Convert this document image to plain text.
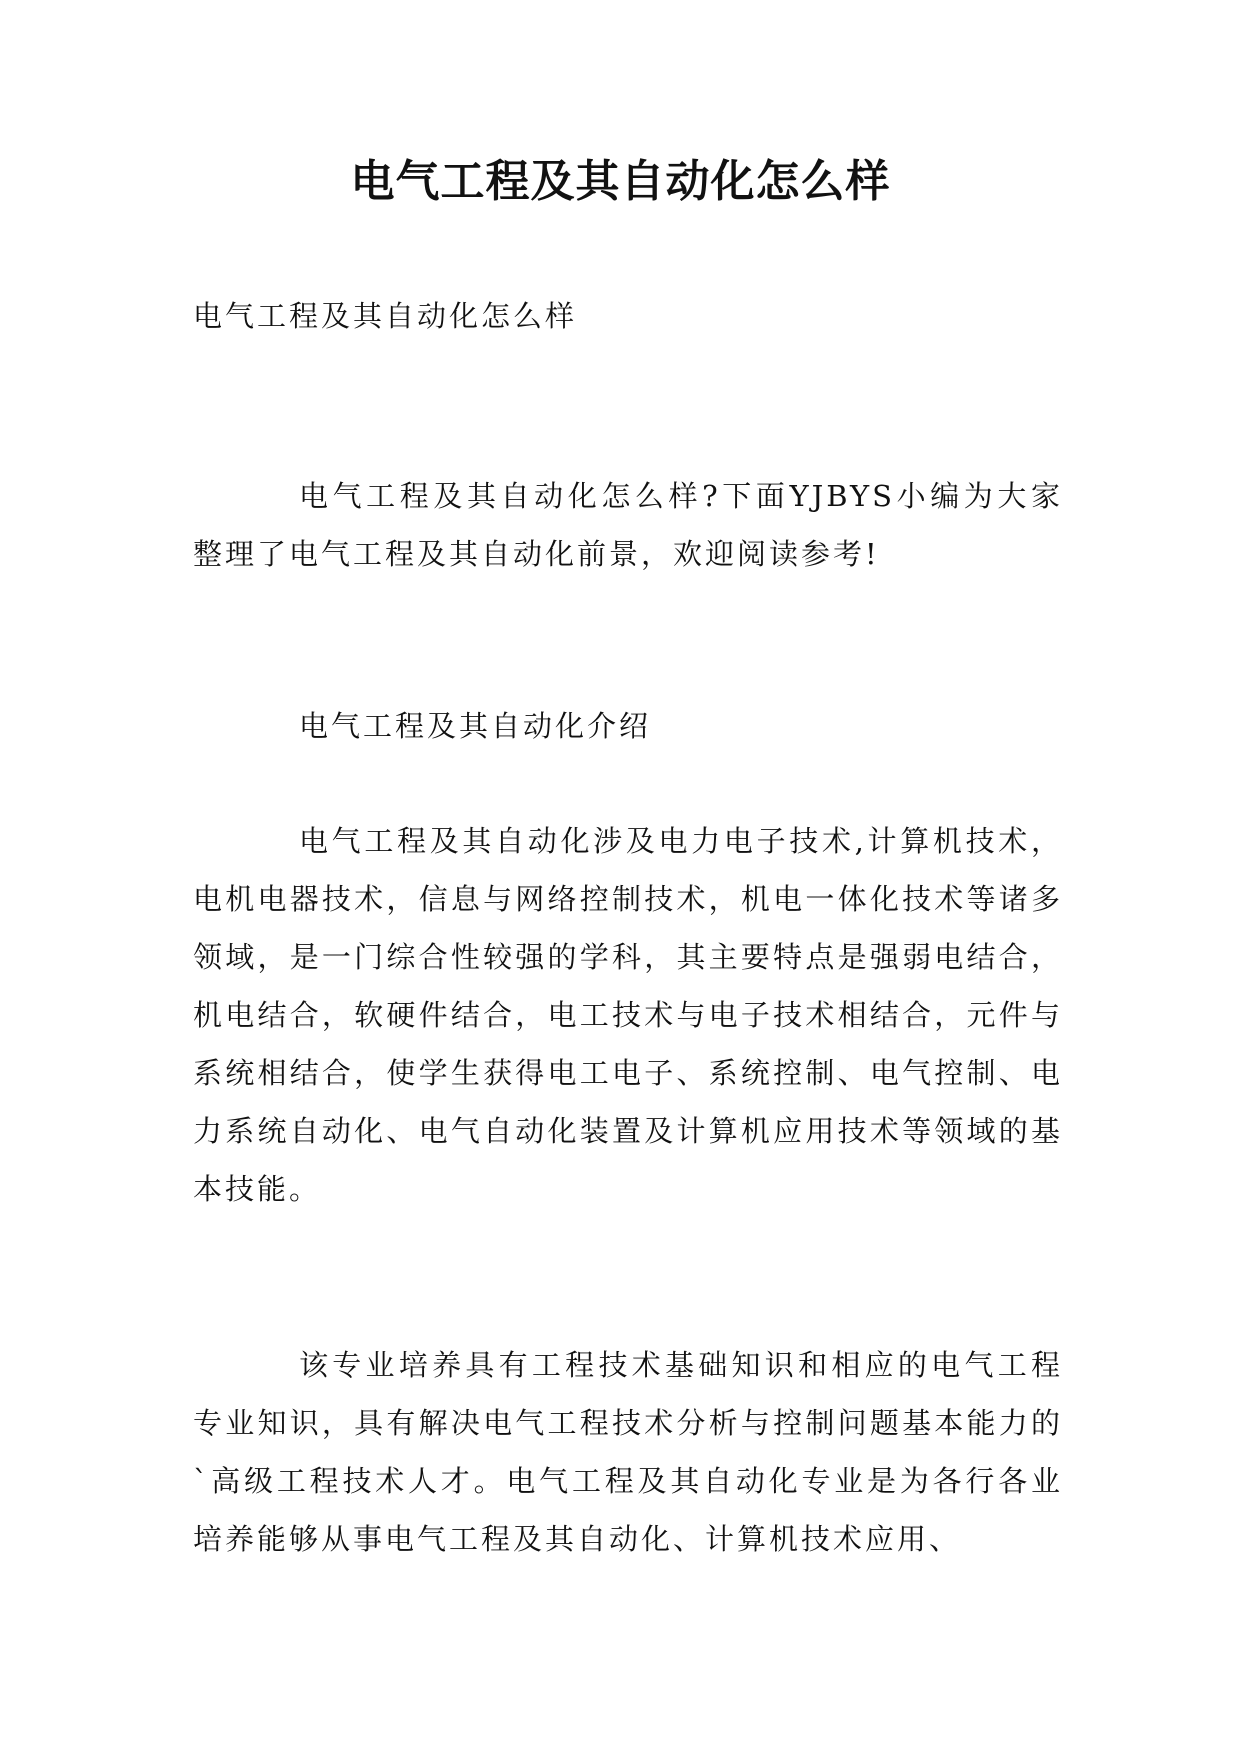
电气工程及其自动化怎么样

电气工程及其自动化怎么样

电气工程及其自动化怎么样?下面YJBYS小编为大家整理了电气工程及其自动化前景，欢迎阅读参考!

电气工程及其自动化介绍

电气工程及其自动化涉及电力电子技术,计算机技术，电机电器技术，信息与网络控制技术，机电一体化技术等诸多领域，是一门综合性较强的学科，其主要特点是强弱电结合，机电结合，软硬件结合，电工技术与电子技术相结合，元件与系统相结合，使学生获得电工电子、系统控制、电气控制、电力系统自动化、电气自动化装置及计算机应用技术等领域的基本技能。

该专业培养具有工程技术基础知识和相应的电气工程专业知识，具有解决电气工程技术分析与控制问题基本能力的`高级工程技术人才。电气工程及其自动化专业是为各行各业培养能够从事电气工程及其自动化、计算机技术应用、
